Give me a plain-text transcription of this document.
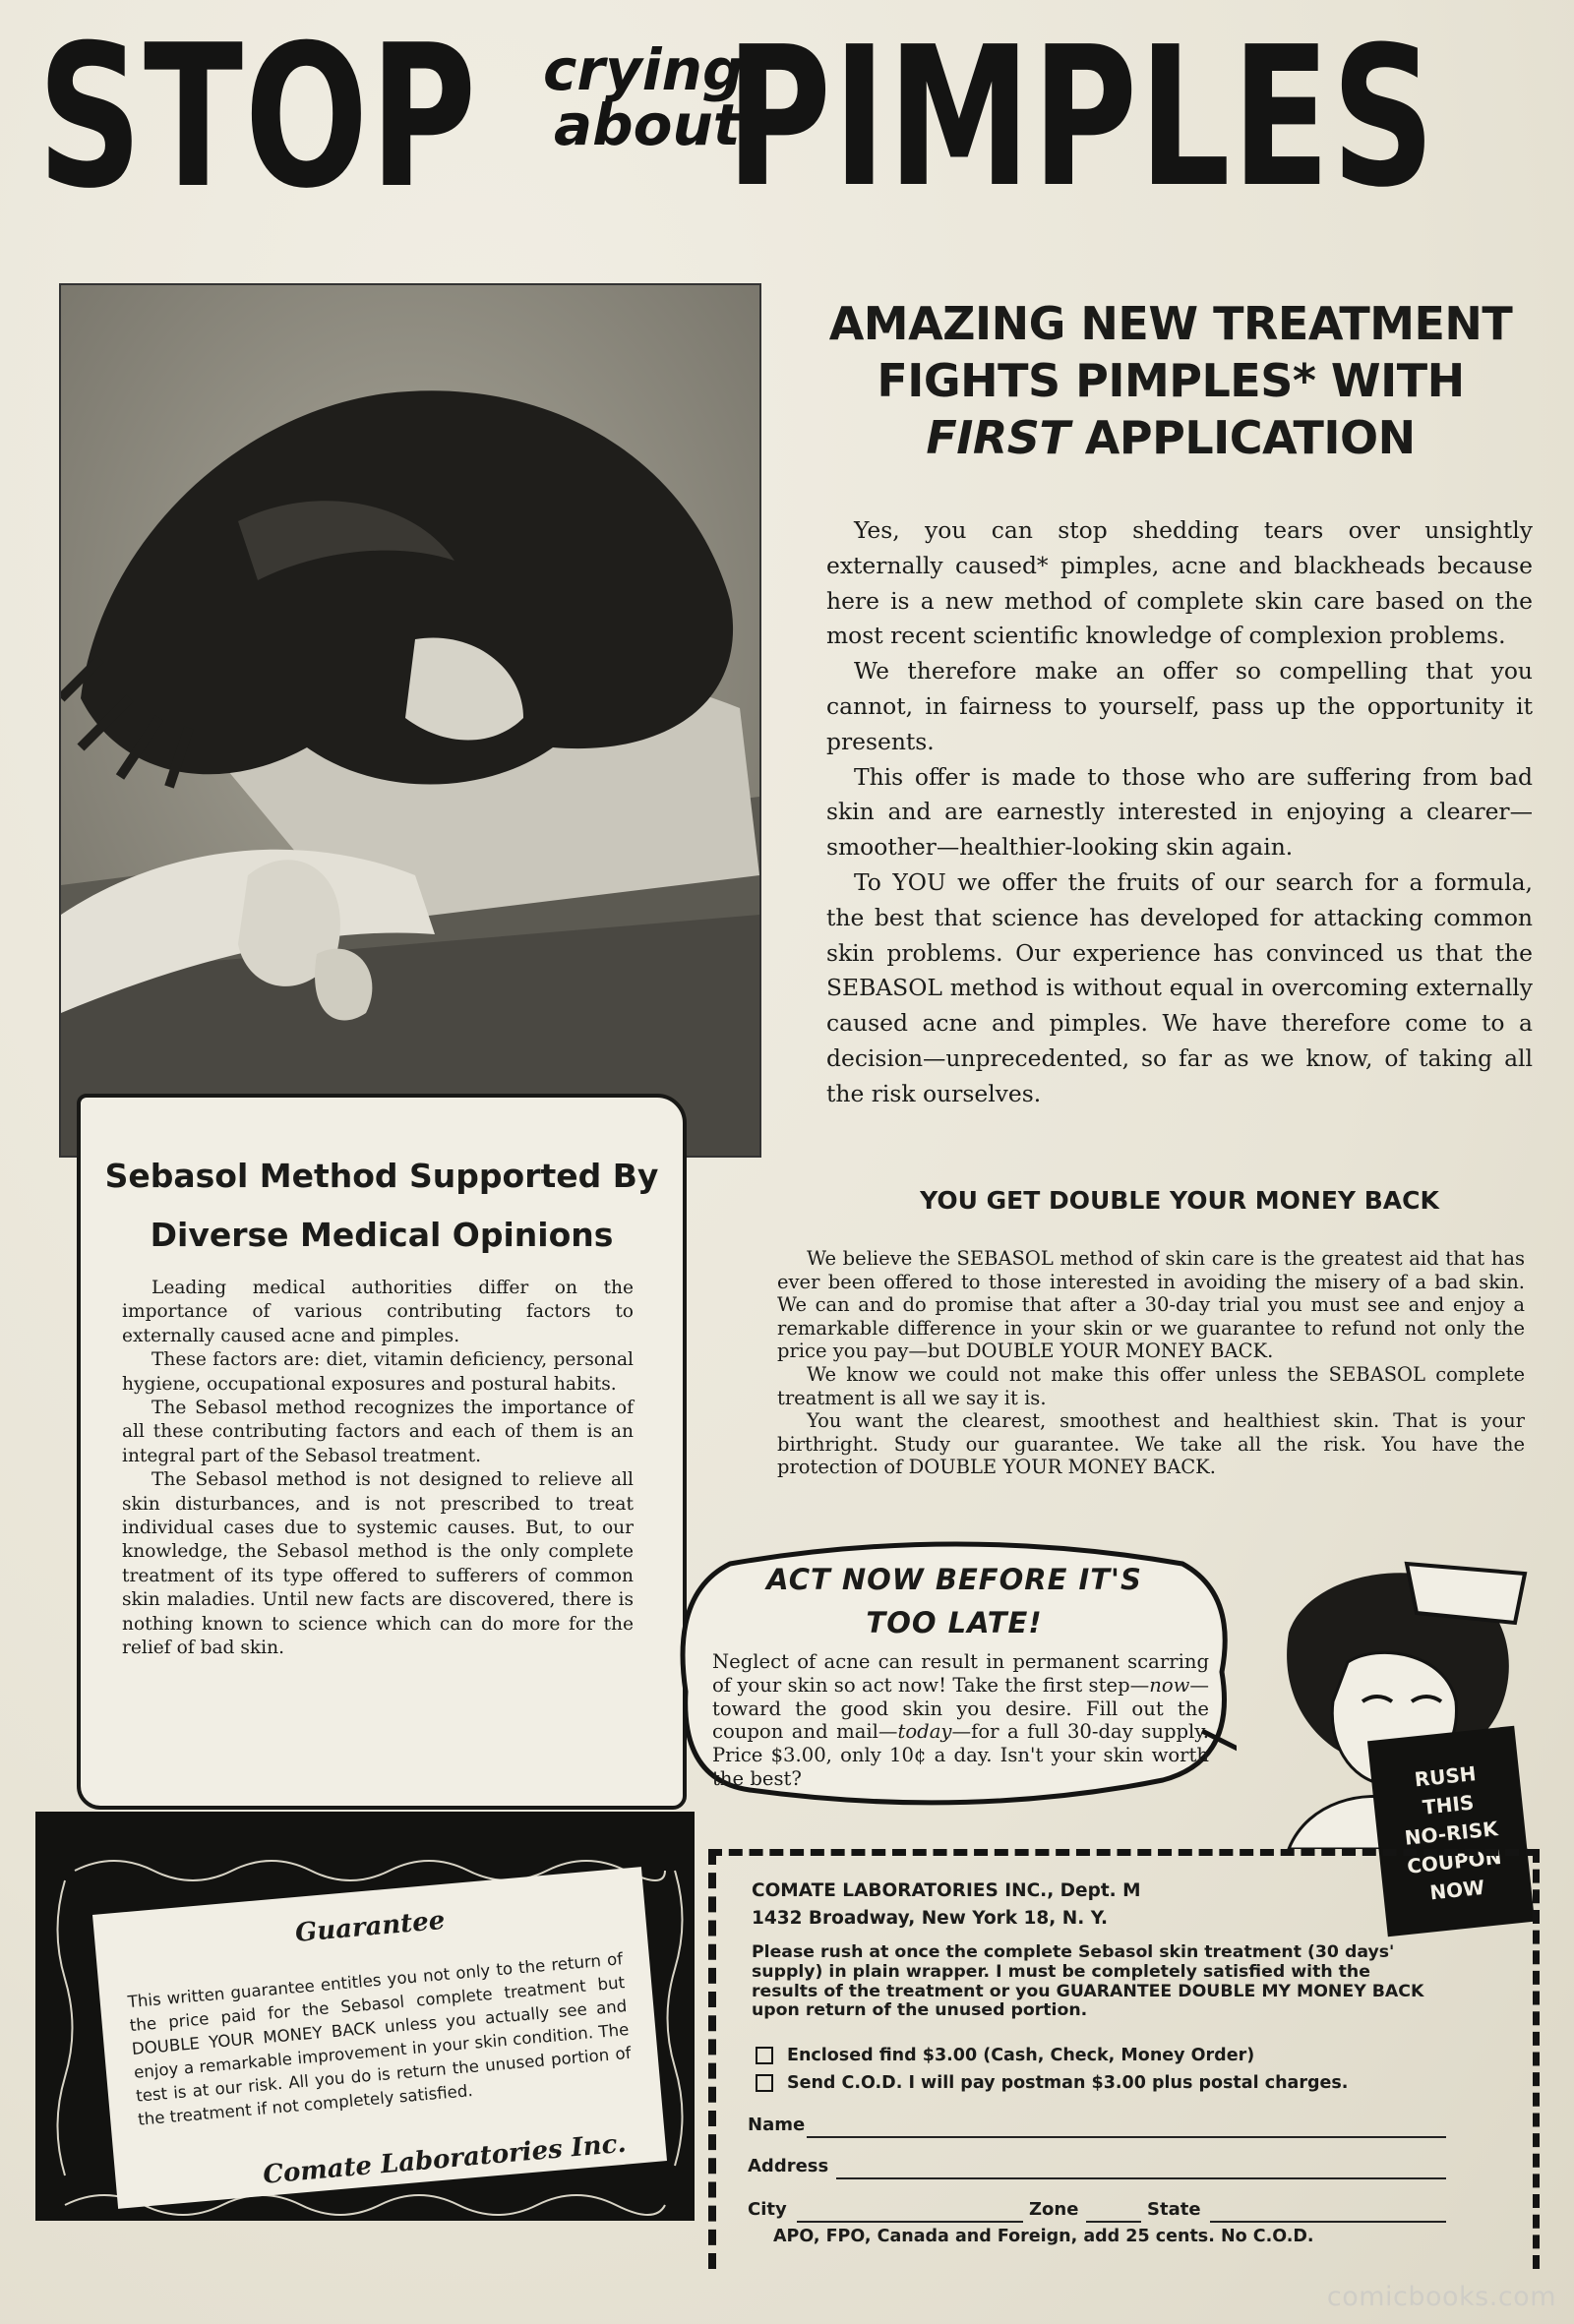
STOP crying
about
PIMPLES
AMAZING NEW TREATMENT
FIGHTS PIMPLES* WITH
FIRST APPLICATION

Yes, you can stop shedding tears over unsightly externally caused* pimples, acne and blackheads because here is a new method of complete skin care based on the most recent scientific knowledge of complexion problems.

We therefore make an offer so compelling that you cannot, in fairness to yourself, pass up the opportunity it presents.

This offer is made to those who are suffering from bad skin and are earnestly interested in enjoying a clearer—smoother—healthier-looking skin again.

To YOU we offer the fruits of our search for a formula, the best that science has developed for attacking common skin problems. Our experience has convinced us that the SEBASOL method is without equal in overcoming externally caused acne and pimples. We have therefore come to a decision—unprecedented, so far as we know, of taking all the risk ourselves.

YOU GET DOUBLE YOUR MONEY BACK

We believe the SEBASOL method of skin care is the greatest aid that has ever been offered to those interested in avoiding the misery of a bad skin. We can and do promise that after a 30-day trial you must see and enjoy a remarkable difference in your skin or we guarantee to refund not only the price you pay—but DOUBLE YOUR MONEY BACK.

We know we could not make this offer unless the SEBASOL complete treatment is all we say it is.

You want the clearest, smoothest and healthiest skin. That is your birthright. Study our guarantee. We take all the risk. You have the protection of DOUBLE YOUR MONEY BACK.

Sebasol Method Supported By
Diverse Medical Opinions

Leading medical authorities differ on the importance of various contributing factors to externally caused acne and pimples.

These factors are: diet, vitamin deficiency, personal hygiene, occupational exposures and postural habits.

The Sebasol method recognizes the importance of all these contributing factors and each of them is an integral part of the Sebasol treatment.

The Sebasol method is not designed to relieve all skin disturbances, and is not prescribed to treat individual cases due to systemic causes. But, to our knowledge, the Sebasol method is the only complete treatment of its type offered to sufferers of common skin maladies. Until new facts are discovered, there is nothing known to science which can do more for the relief of bad skin.

Guarantee
This written guarantee entitles you not only to the return of the price paid for the Sebasol complete treatment but DOUBLE YOUR MONEY BACK unless you actually see and enjoy a remarkable improvement in your skin condition. The test is at our risk. All you do is return the unused portion of the treatment if not completely satisfied.
Comate Laboratories Inc.
ACT NOW BEFORE IT'S
TOO LATE!
Neglect of acne can result in permanent scarring of your skin so act now! Take the first step—now—toward the good skin you desire. Fill out the coupon and mail—today—for a full 30-day supply. Price $3.00, only 10¢ a day. Isn't your skin worth the best?	RUSH
THIS
NO-RISK
COUPON
NOW
COMATE LABORATORIES INC., Dept. M
1432 Broadway, New York 18, N. Y.
Please rush at once the complete Sebasol skin treatment (30 days' supply) in plain wrapper. I must be completely satisfied with the results of the treatment or you GUARANTEE DOUBLE MY MONEY BACK upon return of the unused portion.
Enclosed find $3.00 (Cash, Check, Money Order)
Send C.O.D. I will pay postman $3.00 plus postal charges.
Name
Address
City	Zone	State
APO, FPO, Canada and Foreign, add 25 cents. No C.O.D.
comicbooks.com
